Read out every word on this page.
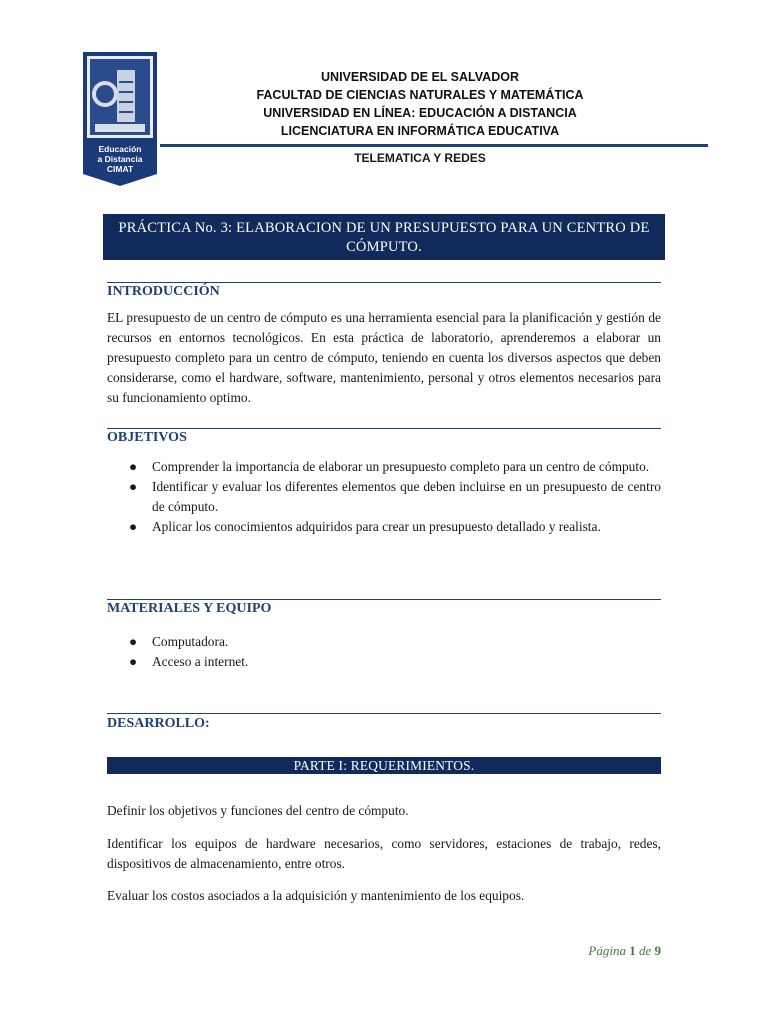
Educación
a Distancia
CIMAT
UNIVERSIDAD DE EL SALVADOR
FACULTAD DE CIENCIAS NATURALES Y MATEMÁTICA
UNIVERSIDAD EN LÍNEA: EDUCACIÓN A DISTANCIA
LICENCIATURA EN INFORMÁTICA EDUCATIVA
TELEMATICA Y REDES
PRÁCTICA No. 3: ELABORACION DE UN PRESUPUESTO PARA UN CENTRO DE
CÓMPUTO.
INTRODUCCIÓN
EL presupuesto de un centro de cómputo es una herramienta esencial para la planificación y gestión de recursos en entornos tecnológicos. En esta práctica de laboratorio, aprenderemos a elaborar un presupuesto completo para un centro de cómputo, teniendo en cuenta los diversos aspectos que deben considerarse, como el hardware, software, mantenimiento, personal y otros elementos necesarios para su funcionamiento optimo.
OBJETIVOS
● Comprender la importancia de elaborar un presupuesto completo para un centro de cómputo.
● Identificar y evaluar los diferentes elementos que deben incluirse en un presupuesto de centro de cómputo.
● Aplicar los conocimientos adquiridos para crear un presupuesto detallado y realista.
MATERIALES Y EQUIPO
● Computadora.
● Acceso a internet.
DESARROLLO:
PARTE I: REQUERIMIENTOS.
Definir los objetivos y funciones del centro de cómputo.
Identificar los equipos de hardware necesarios, como servidores, estaciones de trabajo, redes, dispositivos de almacenamiento, entre otros.
Evaluar los costos asociados a la adquisición y mantenimiento de los equipos.
Página 1 de 9
